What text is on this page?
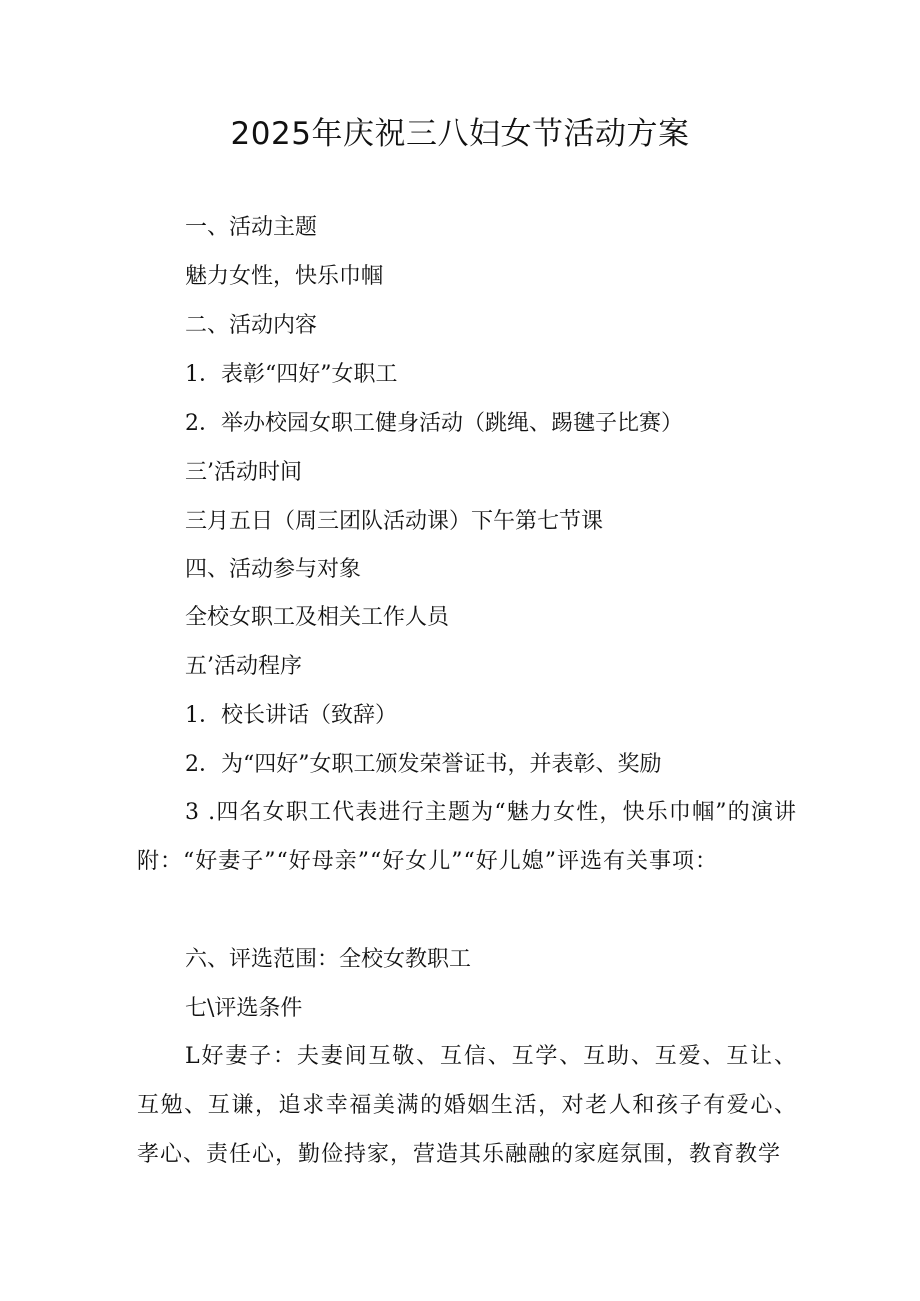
2025年庆祝三八妇女节活动方案
一、活动主题
魅力女性，快乐巾帼
二、活动内容
1．表彰“四好”女职工
2．举办校园女职工健身活动（跳绳、踢毽子比赛）
三’活动时间
三月五日（周三团队活动课）下午第七节课
四、活动参与对象
全校女职工及相关工作人员
五’活动程序
1．校长讲话（致辞）
2．为“四好”女职工颁发荣誉证书，并表彰、奖励
3 .四名女职工代表进行主题为“魅力女性，快乐巾帼”的演讲附：“好妻子”“好母亲”“好女儿”“好儿媳”评选有关事项：
六、评选范围：全校女教职工
七\评选条件
L好妻子：夫妻间互敬、互信、互学、互助、互爱、互让、互勉、互谦，追求幸福美满的婚姻生活，对老人和孩子有爱心、孝心、责任心，勤俭持家，营造其乐融融的家庭氛围，教育教学
